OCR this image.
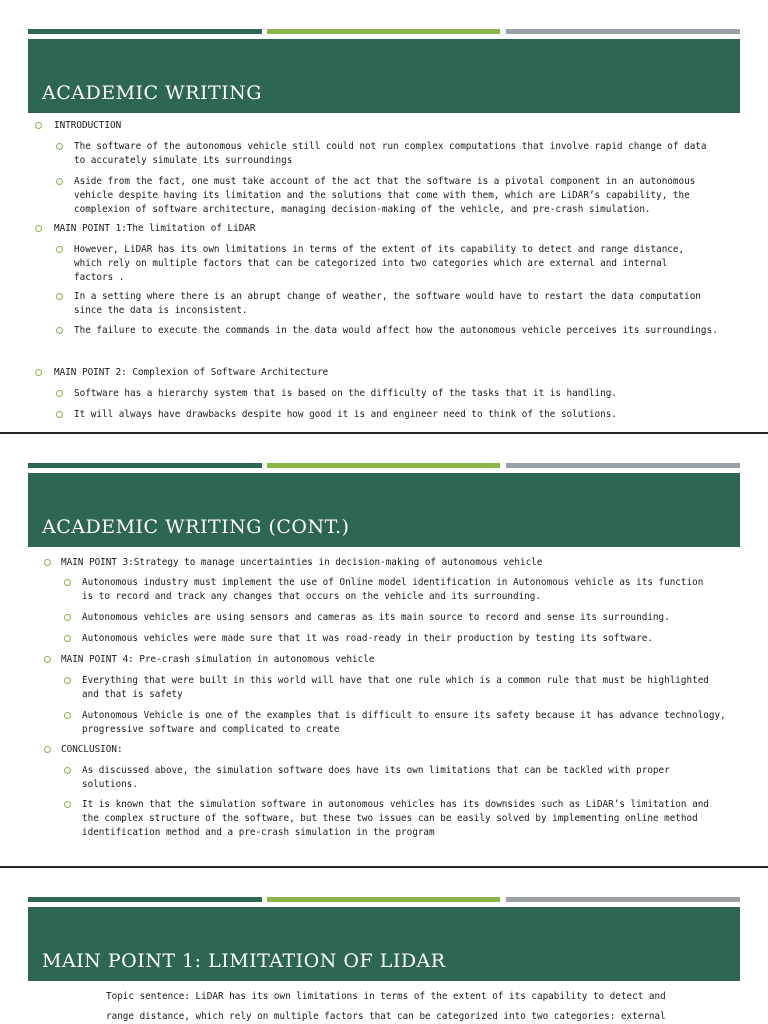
ACADEMIC WRITING
INTRODUCTION
The software of the autonomous vehicle still could not run complex computations that involve rapid change of data
to accurately simulate its surroundings
Aside from the fact, one must take account of the act that the software is a pivotal component in an autonomous
vehicle despite having its limitation and the solutions that come with them, which are LiDAR’s capability, the
complexion of software architecture, managing decision-making of the vehicle, and pre-crash simulation.
MAIN POINT 1:The limitation of LiDAR
However, LiDAR has its own limitations in terms of the extent of its capability to detect and range distance,
which rely on multiple factors that can be categorized into two categories which are external and internal
factors .
In a setting where there is an abrupt change of weather, the software would have to restart the data computation
since the data is inconsistent.
The failure to execute the commands in the data would affect how the autonomous vehicle perceives its surroundings.
MAIN POINT 2: Complexion of Software Architecture
Software has a hierarchy system that is based on the difficulty of the tasks that it is handling.
It will always have drawbacks despite how good it is and engineer need to think of the solutions.
ACADEMIC WRITING (CONT.)
MAIN POINT 3:Strategy to manage uncertainties in decision-making of autonomous vehicle
Autonomous industry must implement the use of Online model identification in Autonomous vehicle as its function
is to record and track any changes that occurs on the vehicle and its surrounding.
Autonomous vehicles are using sensors and cameras as its main source to record and sense its surrounding.
Autonomous vehicles were made sure that it was road-ready in their production by testing its software.
MAIN POINT 4: Pre-crash simulation in autonomous vehicle
Everything that were built in this world will have that one rule which is a common rule that must be highlighted
and that is safety
Autonomous Vehicle is one of the examples that is difficult to ensure its safety because it has advance technology,
progressive software and complicated to create
CONCLUSION:
As discussed above, the simulation software does have its own limitations that can be tackled with proper
solutions.
It is known that the simulation software in autonomous vehicles has its downsides such as LiDAR’s limitation and
the complex structure of the software, but these two issues can be easily solved by implementing online method
identification method and a pre-crash simulation in the program
MAIN POINT 1: LIMITATION OF LIDAR
Topic sentence: LiDAR has its own limitations in terms of the extent of its capability to detect and
range distance, which rely on multiple factors that can be categorized into two categories: external
